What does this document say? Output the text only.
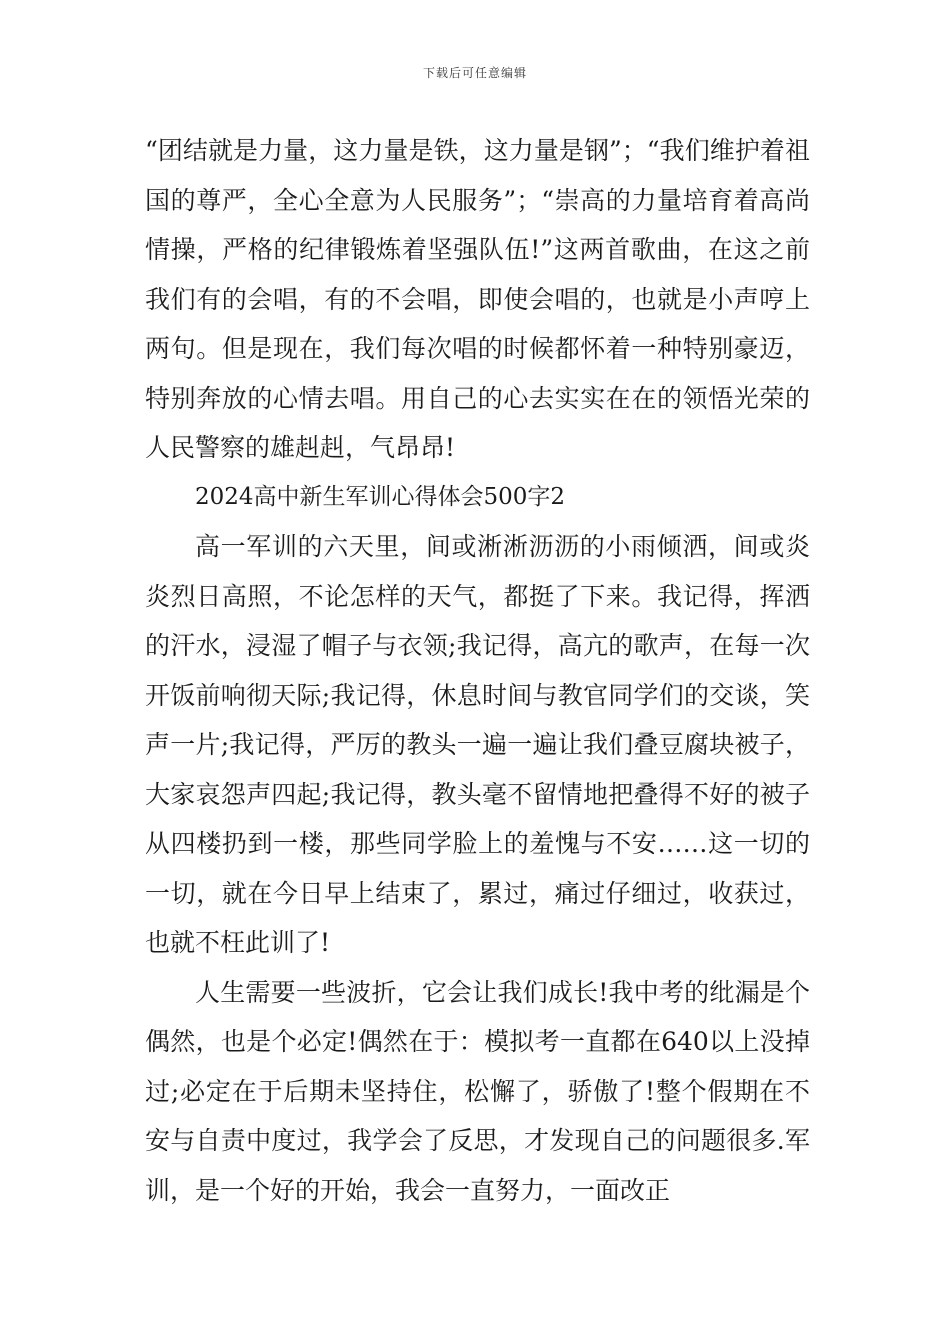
下载后可任意编辑

“团结就是力量，这力量是铁，这力量是钢”；“我们维护着祖国的尊严，全心全意为人民服务”；“崇高的力量培育着高尚情操，严格的纪律锻炼着坚强队伍!”这两首歌曲，在这之前我们有的会唱，有的不会唱，即使会唱的，也就是小声哼上两句。但是现在，我们每次唱的时候都怀着一种特别豪迈，特别奔放的心情去唱。用自己的心去实实在在的领悟光荣的人民警察的雄赳赳，气昂昂!

2024高中新生军训心得体会500字2

高一军训的六天里，间或淅淅沥沥的小雨倾洒，间或炎炎烈日高照，不论怎样的天气，都挺了下来。我记得，挥洒的汗水，浸湿了帽子与衣领;我记得，高亢的歌声，在每一次开饭前响彻天际;我记得，休息时间与教官同学们的交谈，笑声一片;我记得，严厉的教头一遍一遍让我们叠豆腐块被子，大家哀怨声四起;我记得，教头毫不留情地把叠得不好的被子从四楼扔到一楼，那些同学脸上的羞愧与不安……这一切的一切，就在今日早上结束了，累过，痛过仔细过，收获过，也就不枉此训了!

人生需要一些波折，它会让我们成长!我中考的纰漏是个偶然，也是个必定!偶然在于：模拟考一直都在640以上没掉过;必定在于后期未坚持住，松懈了，骄傲了!整个假期在不安与自责中度过，我学会了反思，才发现自己的问题很多.军训，是一个好的开始，我会一直努力，一面改正
